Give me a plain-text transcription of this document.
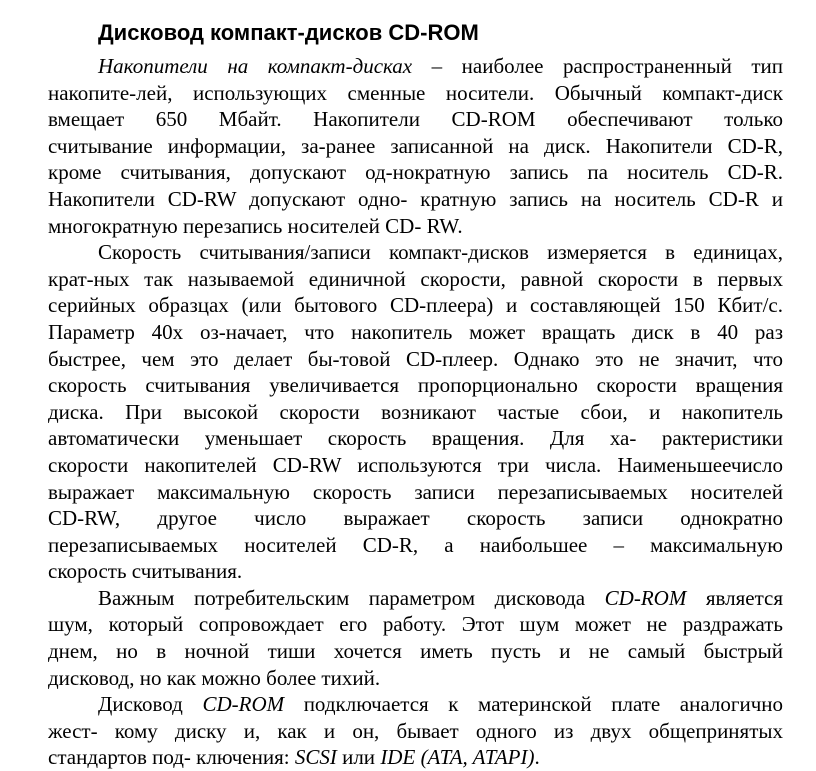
Дисковод компакт-дисков CD-ROM
Накопители на компакт-дисках – наиболее распространенный тип
накопите-лей, использующих сменные носители. Обычный компакт-диск
вмещает 650 Мбайт. Накопители CD-ROM обеспечивают только
считывание информации, за-ранее записанной на диск. Накопители CD-R,
кроме считывания, допускают од-нократную запись па носитель CD-R.
Накопители CD-RW допускают одно- кратную запись на носитель CD-R и
многократную перезапись носителей CD- RW.
Скорость считывания/записи компакт-дисков измеряется в единицах,
крат-ных так называемой единичной скорости, равной скорости в первых
серийных образцах (или бытового CD-плеера) и составляющей 150 Кбит/с.
Параметр 40x оз-начает, что накопитель может вращать диск в 40 раз
быстрее, чем это делает бы-товой CD-плеер. Однако это не значит, что
скорость считывания увеличивается пропорционально скорости вращения
диска. При высокой скорости возникают частые сбои, и накопитель
автоматически уменьшает скорость вращения. Для ха- рактеристики
скорости накопителей CD-RW используются три числа. Наименьшеечисло
выражает максимальную скорость записи перезаписываемых носителей
CD-RW, другое число выражает скорость записи однократно
перезаписываемых носителей CD-R, а наибольшее – максимальную
скорость считывания.
Важным потребительским параметром дисковода CD-ROM является
шум, который сопровождает его работу. Этот шум может не раздражать
днем, но в ночной тиши хочется иметь пусть и не самый быстрый
дисковод, но как можно более тихий.
Дисковод CD-ROM подключается к материнской плате аналогично
жест- кому диску и, как и он, бывает одного из двух общепринятых
стандартов под- ключения: SCSI или IDE (ATA, ATAPI).
